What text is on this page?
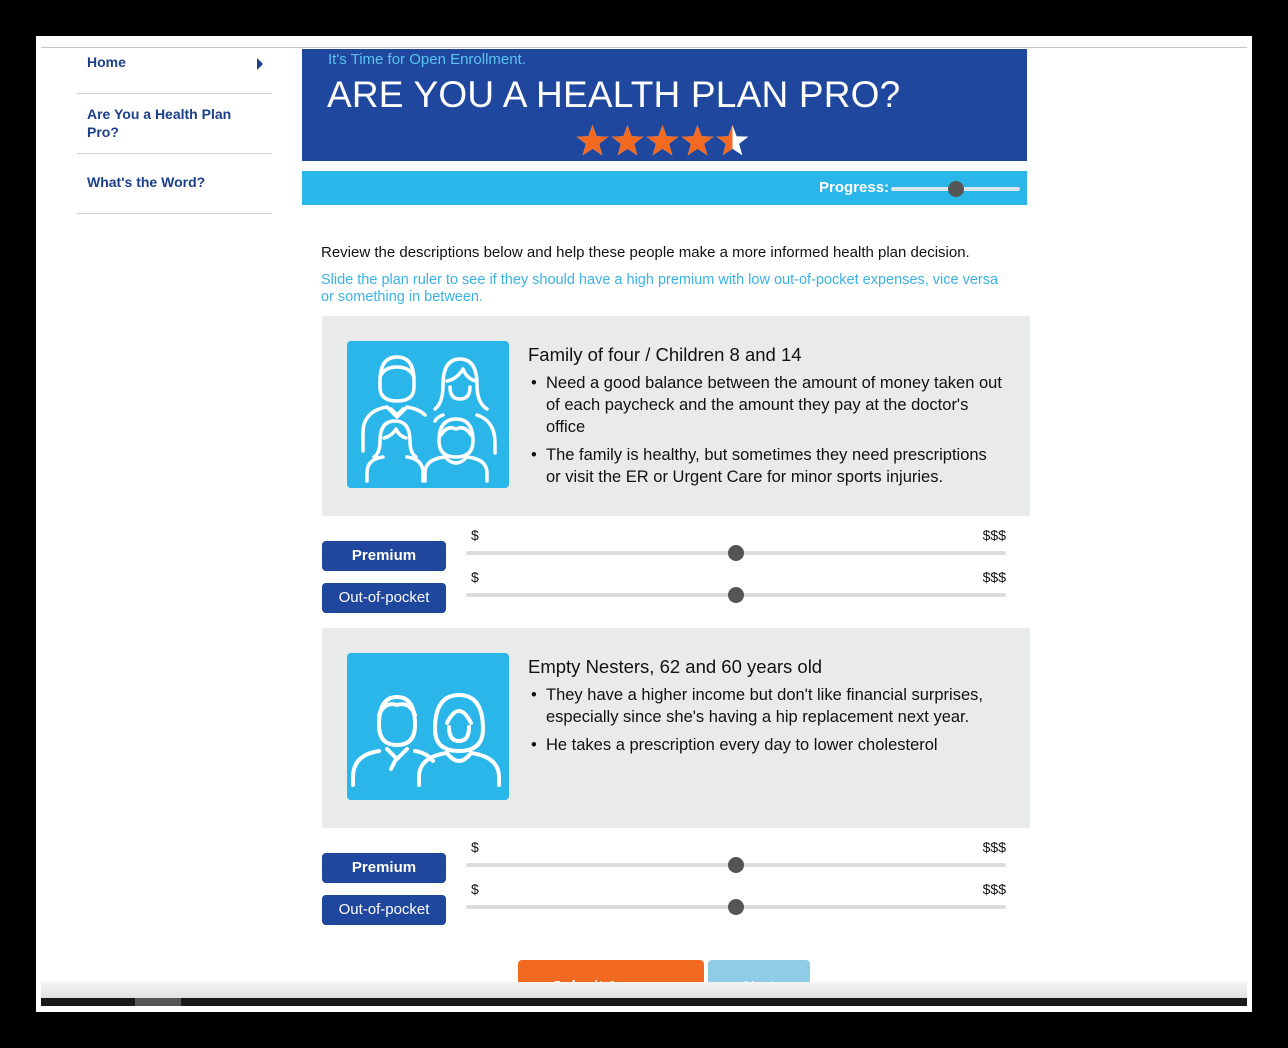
Home
Are You a Health Plan Pro?
What's the Word?
It's Time for Open Enrollment.
ARE YOU A HEALTH PLAN PRO?
Progress:

Review the descriptions below and help these people make a more informed health plan decision.

Slide the plan ruler to see if they should have a high premium with low out-of-pocket expenses, vice versa or something in between.

Family of four / Children 8 and 14
• Need a good balance between the amount of money taken out of each paycheck and the amount they pay at the doctor's office
• The family is healthy, but sometimes they need prescriptions or visit the ER or Urgent Care for minor sports injuries.
Premium
$	$$$
Out-of-pocket
$	$$$
Empty Nesters, 62 and 60 years old
• They have a higher income but don't like financial surprises, especially since she's having a hip replacement next year.
• He takes a prescription every day to lower cholesterol
Premium
$	$$$
Out-of-pocket
$	$$$
